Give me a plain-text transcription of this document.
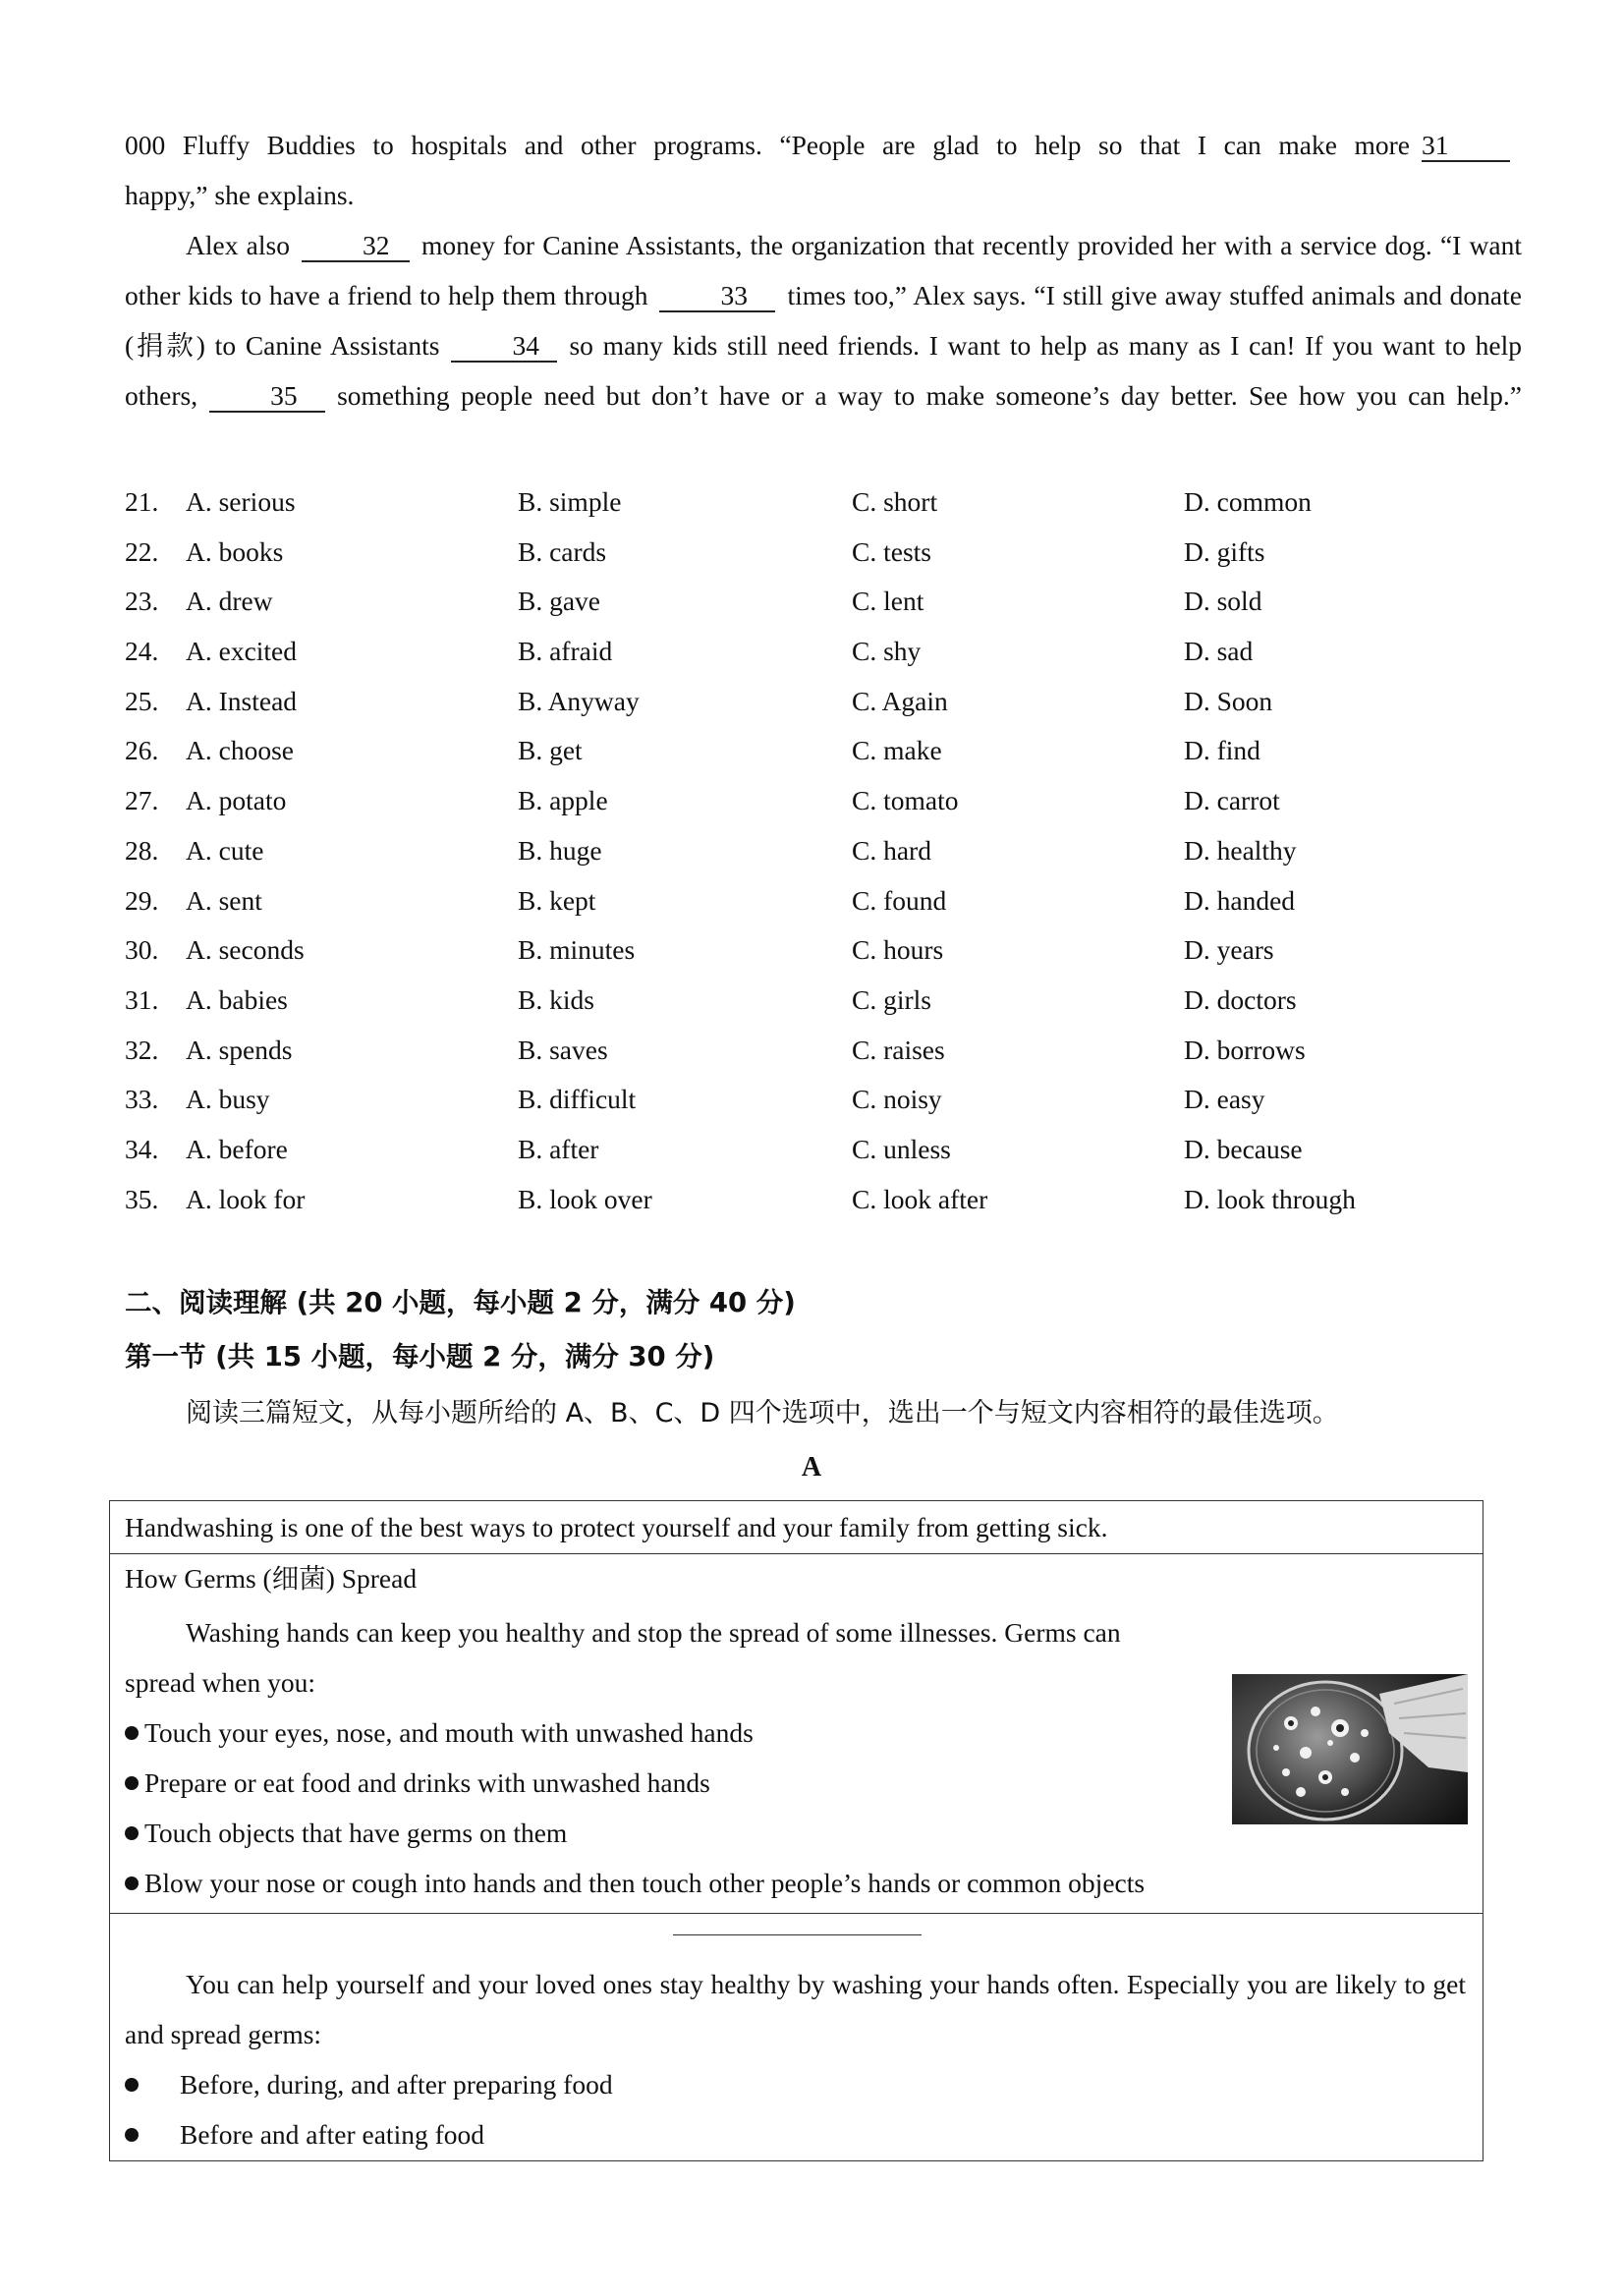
000 Fluffy Buddies to hospitals and other programs. “People are glad to help so that I can make more 31
happy,” she explains.
Alex also	32 money for Canine Assistants, the organization that recently provided her with a service dog. “I want other kids to have a friend to help them through	33 times too,” Alex says. “I still give away stuffed animals and donate (捐款) to Canine Assistants	34 so many kids still need friends. I want to help as many as I can! If you want to help others,	35 something people need but don’t have or a way to make someone’s day better. See how you can help.”
21. A. serious	B. simple	C. short	D. common
22. A. books	B. cards	C. tests	D. gifts
23. A. drew	B. gave	C. lent	D. sold
24. A. excited	B. afraid	C. shy	D. sad
25. A. Instead	B. Anyway	C. Again	D. Soon
26. A. choose	B. get	C. make	D. find
27. A. potato	B. apple	C. tomato	D. carrot
28. A. cute	B. huge	C. hard	D. healthy
29. A. sent	B. kept	C. found	D. handed
30. A. seconds	B. minutes	C. hours	D. years
31. A. babies	B. kids	C. girls	D. doctors
32. A. spends	B. saves	C. raises	D. borrows
33. A. busy	B. difficult	C. noisy	D. easy
34. A. before	B. after	C. unless	D. because
35. A. look for	B. look over	C. look after	D. look through
二、阅读理解 (共 20 小题，每小题 2 分，满分 40 分)
第一节 (共 15 小题，每小题 2 分，满分 30 分)
阅读三篇短文，从每小题所给的 A、B、C、D 四个选项中，选出一个与短文内容相符的最佳选项。
A
Handwashing is one of the best ways to protect yourself and your family from getting sick.
How Germs (细菌) Spread
Washing hands can keep you healthy and stop the spread of some illnesses. Germs can
spread when you:
Touch your eyes, nose, and mouth with unwashed hands
Prepare or eat food and drinks with unwashed hands
Touch objects that have germs on them
Blow your nose or cough into hands and then touch other people’s hands or common objects
You can help yourself and your loved ones stay healthy by washing your hands often. Especially you are likely to get and spread germs:
Before, during, and after preparing food
Before and after eating food
